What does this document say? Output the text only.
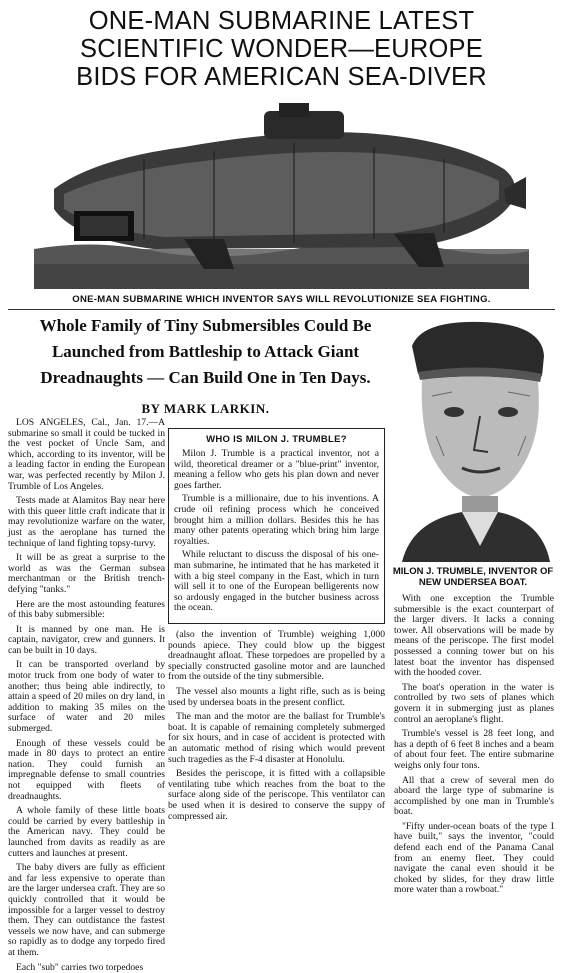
ONE-MAN SUBMARINE LATEST
SCIENTIFIC WONDER—EUROPE
BIDS FOR AMERICAN SEA-DIVER
ONE-MAN SUBMARINE WHICH INVENTOR SAYS WILL REVOLUTIONIZE SEA FIGHTING.
Whole Family of Tiny Submersibles Could Be
Launched from Battleship to Attack Giant
Dreadnaughts — Can Build One in Ten Days.
BY MARK LARKIN.
MILON J. TRUMBLE, INVENTOR OF NEW UNDERSEA BOAT.

LOS ANGELES, Cal., Jan. 17.—A submarine so small it could be tucked in the vest pocket of Uncle Sam, and which, according to its inventor, will be a leading factor in ending the European war, was perfected recently by Milon J. Trumble of Los Angeles.

Tests made at Alamitos Bay near here with this queer little craft indicate that it may revolutionize warfare on the water, just as the aeroplane has turned the technique of land fighting topsy-turvy.

It will be as great a surprise to the world as was the German subsea merchantman or the British trench-defying "tanks."

Here are the most astounding features of this baby submersible:

It is manned by one man. He is captain, navigator, crew and gunners. It can be built in 10 days.

It can be transported overland by motor truck from one body of water to another; thus being able indirectly, to attain a speed of 20 miles on dry land, in addition to making 35 miles on the surface of water and 20 miles submerged.

Enough of these vessels could be made in 80 days to protect an entire nation. They could furnish an impregnable defense to small countries not equipped with fleets of dreadnaughts.

A whole family of these little boats could be carried by every battleship in the American navy. They could be launched from davits as readily as are cutters and launches at present.

The baby divers are fully as efficient and far less expensive to operate than are the larger undersea craft. They are so quickly controlled that it would be impossible for a larger vessel to destroy them. They can outdistance the fastest vessels we now have, and can submerge so rapidly as to dodge any torpedo fired at them.

Each "sub" carries two torpedoes

WHO IS MILON J. TRUMBLE?

Milon J. Trumble is a practical inventor, not a wild, theoretical dreamer or a "blue-print" inventor, meaning a fellow who gets his plan down and never goes farther.

Trumble is a millionaire, due to his inventions. A crude oil refining process which he conceived brought him a million dollars. Besides this he has many other patents operating which bring him large royalties.

While reluctant to discuss the disposal of his one-man submarine, he intimated that he has marketed it with a big steel company in the East, which in turn will sell it to one of the European belligerents now so ardously engaged in the butcher business across the ocean.

(also the invention of Trumble) weighing 1,000 pounds apiece. They could blow up the biggest dreadnaught afloat. These torpedoes are propelled by a specially constructed gasoline motor and are launched from the outside of the tiny submersible.

The vessel also mounts a light rifle, such as is being used by undersea boats in the present conflict.

The man and the motor are the ballast for Trumble's boat. It is capable of remaining completely submerged for six hours, and in case of accident is protected with an automatic method of rising which would prevent such tragedies as the F-4 disaster at Honolulu.

Besides the periscope, it is fitted with a collapsible ventilating tube which reaches from the boat to the surface along side of the periscope. This ventilator can be used when it is desired to conserve the suppy of compressed air.

With one exception the Trumble submersible is the exact counterpart of the larger divers. It lacks a conning tower. All observations will be made by means of the periscope. The first model possessed a conning tower but on his latest boat the inventor has dispensed with the hooded cover.

The boat's operation in the water is controlled by two sets of planes which govern it in submerging just as planes control an aeroplane's flight.

Trumble's vessel is 28 feet long, and has a depth of 6 feet 8 inches and a beam of about four feet. The entire submarine weighs only four tons.

All that a crew of several men do aboard the large type of submarine is accomplished by one man in Trumble's boat.

"Fifty under-ocean boats of the type I have built," says the inventor, "could defend each end of the Panama Canal from an enemy fleet. They could navigate the canal even should it be choked by slides, for they draw little more water than a rowboat."
